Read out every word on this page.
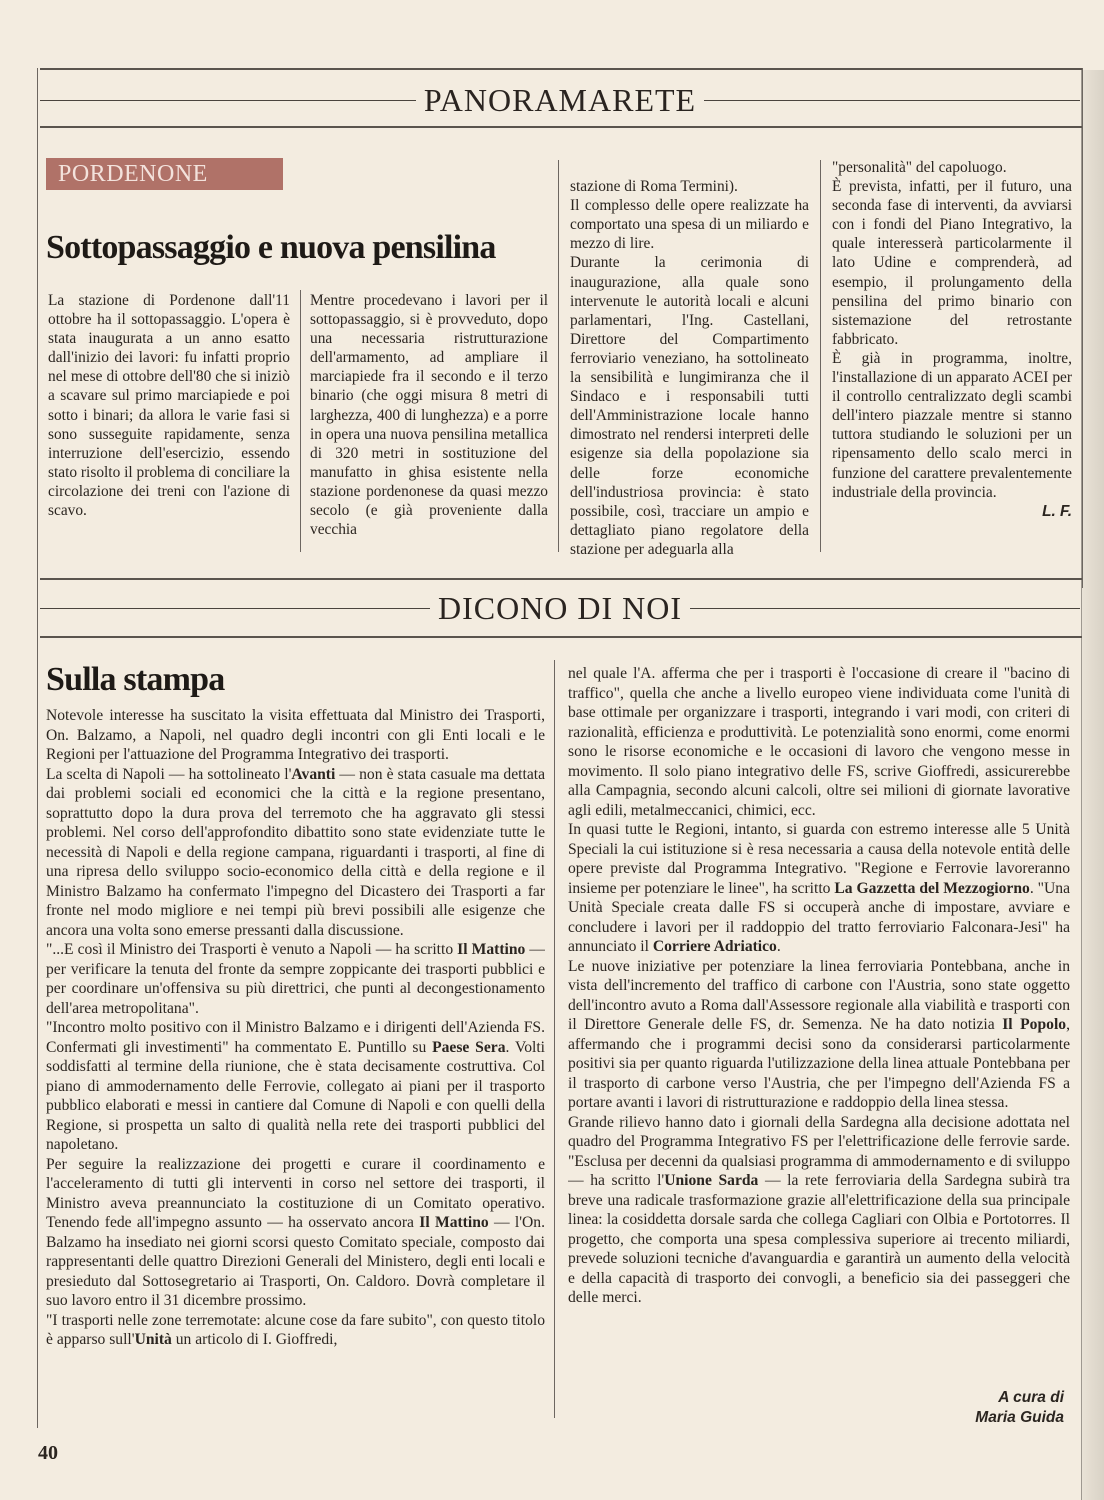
PANORAMARETE
PORDENONE
Sottopassaggio e nuova pensilina

La stazione di Pordenone dall'11 ottobre ha il sottopassaggio. L'opera è stata inaugurata a un anno esatto dall'inizio dei lavori: fu infatti proprio nel mese di ottobre dell'80 che si iniziò a scavare sul primo marciapiede e poi sotto i binari; da allora le varie fasi si sono susseguite rapidamente, senza interruzione dell'esercizio, essendo stato risolto il problema di conciliare la circolazione dei treni con l'azione di scavo.

Mentre procedevano i lavori per il sottopassaggio, si è provveduto, dopo una necessaria ristrutturazione dell'armamento, ad ampliare il marciapiede fra il secondo e il terzo binario (che oggi misura 8 metri di larghezza, 400 di lunghezza) e a porre in opera una nuova pensilina metallica di 320 metri in sostituzione del manufatto in ghisa esistente nella stazione pordenonese da quasi mezzo secolo (e già proveniente dalla vecchia

stazione di Roma Termini).
Il complesso delle opere realizzate ha comportato una spesa di un miliardo e mezzo di lire.
Durante la cerimonia di inaugurazione, alla quale sono intervenute le autorità locali e alcuni parlamentari, l'Ing. Castellani, Direttore del Compartimento ferroviario veneziano, ha sottolineato la sensibilità e lungimiranza che il Sindaco e i responsabili tutti dell'Amministrazione locale hanno dimostrato nel rendersi interpreti delle esigenze sia della popolazione sia delle forze economiche dell'industriosa provincia: è stato possibile, così, tracciare un ampio e dettagliato piano regolatore della stazione per adeguarla alla

"personalità" del capoluogo.
È prevista, infatti, per il futuro, una seconda fase di interventi, da avviarsi con i fondi del Piano Integrativo, la quale interesserà particolarmente il lato Udine e comprenderà, ad esempio, il prolungamento della pensilina del primo binario con sistemazione del retrostante fabbricato.
È già in programma, inoltre, l'installazione di un apparato ACEI per il controllo centralizzato degli scambi dell'intero piazzale mentre si stanno tuttora studiando le soluzioni per un ripensamento dello scalo merci in funzione del carattere prevalentemente industriale della provincia.

L. F.
DICONO DI NOI
Sulla stampa

Notevole interesse ha suscitato la visita effettuata dal Ministro dei Trasporti, On. Balzamo, a Napoli, nel quadro degli incontri con gli Enti locali e le Regioni per l'attuazione del Programma Integrativo dei trasporti.

La scelta di Napoli — ha sottolineato l'Avanti — non è stata casuale ma dettata dai problemi sociali ed economici che la città e la regione presentano, soprattutto dopo la dura prova del terremoto che ha aggravato gli stessi problemi. Nel corso dell'approfondito dibattito sono state evidenziate tutte le necessità di Napoli e della regione campana, riguardanti i trasporti, al fine di una ripresa dello sviluppo socio-economico della città e della regione e il Ministro Balzamo ha confermato l'impegno del Dicastero dei Trasporti a far fronte nel modo migliore e nei tempi più brevi possibili alle esigenze che ancora una volta sono emerse pressanti dalla discussione.

"...E così il Ministro dei Trasporti è venuto a Napoli — ha scritto Il Mattino — per verificare la tenuta del fronte da sempre zoppicante dei trasporti pubblici e per coordinare un'offensiva su più direttrici, che punti al decongestionamento dell'area metropolitana".

"Incontro molto positivo con il Ministro Balzamo e i dirigenti dell'Azienda FS. Confermati gli investimenti" ha commentato E. Puntillo su Paese Sera. Volti soddisfatti al termine della riunione, che è stata decisamente costruttiva. Col piano di ammodernamento delle Ferrovie, collegato ai piani per il trasporto pubblico elaborati e messi in cantiere dal Comune di Napoli e con quelli della Regione, si prospetta un salto di qualità nella rete dei trasporti pubblici del napoletano.

Per seguire la realizzazione dei progetti e curare il coordinamento e l'acceleramento di tutti gli interventi in corso nel settore dei trasporti, il Ministro aveva preannunciato la costituzione di un Comitato operativo. Tenendo fede all'impegno assunto — ha osservato ancora Il Mattino — l'On. Balzamo ha insediato nei giorni scorsi questo Comitato speciale, composto dai rappresentanti delle quattro Direzioni Generali del Ministero, degli enti locali e presieduto dal Sottosegretario ai Trasporti, On. Caldoro. Dovrà completare il suo lavoro entro il 31 dicembre prossimo.

"I trasporti nelle zone terremotate: alcune cose da fare subito", con questo titolo è apparso sull'Unità un articolo di I. Gioffredi,

nel quale l'A. afferma che per i trasporti è l'occasione di creare il "bacino di traffico", quella che anche a livello europeo viene individuata come l'unità di base ottimale per organizzare i trasporti, integrando i vari modi, con criteri di razionalità, efficienza e produttività. Le potenzialità sono enormi, come enormi sono le risorse economiche e le occasioni di lavoro che vengono messe in movimento. Il solo piano integrativo delle FS, scrive Gioffredi, assicurerebbe alla Campagnia, secondo alcuni calcoli, oltre sei milioni di giornate lavorative agli edili, metalmeccanici, chimici, ecc.

In quasi tutte le Regioni, intanto, si guarda con estremo interesse alle 5 Unità Speciali la cui istituzione si è resa necessaria a causa della notevole entità delle opere previste dal Programma Integrativo. "Regione e Ferrovie lavoreranno insieme per potenziare le linee", ha scritto La Gazzetta del Mezzogiorno. "Una Unità Speciale creata dalle FS si occuperà anche di impostare, avviare e concludere i lavori per il raddoppio del tratto ferroviario Falconara-Jesi" ha annunciato il Corriere Adriatico.

Le nuove iniziative per potenziare la linea ferroviaria Pontebbana, anche in vista dell'incremento del traffico di carbone con l'Austria, sono state oggetto dell'incontro avuto a Roma dall'Assessore regionale alla viabilità e trasporti con il Direttore Generale delle FS, dr. Semenza. Ne ha dato notizia Il Popolo, affermando che i programmi decisi sono da considerarsi particolarmente positivi sia per quanto riguarda l'utilizzazione della linea attuale Pontebbana per il trasporto di carbone verso l'Austria, che per l'impegno dell'Azienda FS a portare avanti i lavori di ristrutturazione e raddoppio della linea stessa.

Grande rilievo hanno dato i giornali della Sardegna alla decisione adottata nel quadro del Programma Integrativo FS per l'elettrificazione delle ferrovie sarde. "Esclusa per decenni da qualsiasi programma di ammodernamento e di sviluppo — ha scritto l'Unione Sarda — la rete ferroviaria della Sardegna subirà tra breve una radicale trasformazione grazie all'elettrificazione della sua principale linea: la cosiddetta dorsale sarda che collega Cagliari con Olbia e Portotorres. Il progetto, che comporta una spesa complessiva superiore ai trecento miliardi, prevede soluzioni tecniche d'avanguardia e garantirà un aumento della velocità e della capacità di trasporto dei convogli, a beneficio sia dei passeggeri che delle merci.

A cura di
Maria Guida
40
